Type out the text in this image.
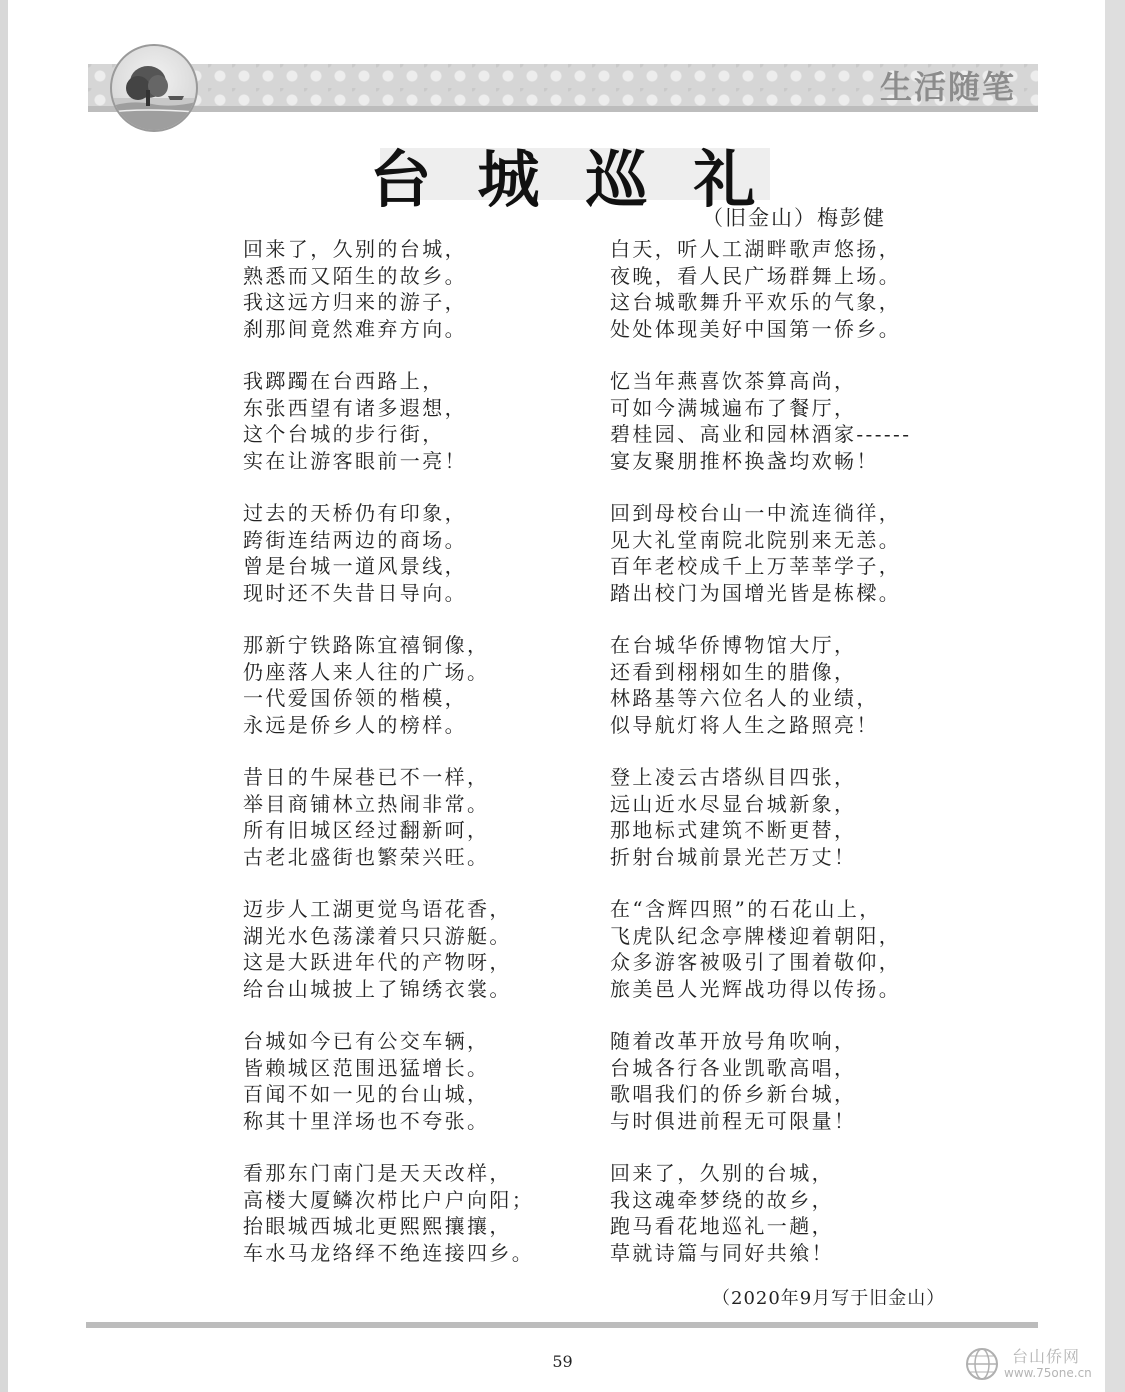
生活随笔
台城巡礼
（旧金山）梅彭健
回来了，久别的台城，
熟悉而又陌生的故乡。
我这远方归来的游子，
刹那间竟然难弃方向。
我踯躅在台西路上，
东张西望有诸多遐想，
这个台城的步行街，
实在让游客眼前一亮！
过去的天桥仍有印象，
跨街连结两边的商场。
曾是台城一道风景线，
现时还不失昔日导向。
那新宁铁路陈宜禧铜像，
仍座落人来人往的广场。
一代爱国侨领的楷模，
永远是侨乡人的榜样。
昔日的牛屎巷已不一样，
举目商铺林立热闹非常。
所有旧城区经过翻新呵，
古老北盛街也繁荣兴旺。
迈步人工湖更觉鸟语花香，
湖光水色荡漾着只只游艇。
这是大跃进年代的产物呀，
给台山城披上了锦绣衣裳。
台城如今已有公交车辆，
皆赖城区范围迅猛增长。
百闻不如一见的台山城，
称其十里洋场也不夸张。
看那东门南门是天天改样，
高楼大厦鳞次栉比户户向阳；
抬眼城西城北更熙熙攘攘，
车水马龙络绎不绝连接四乡。
白天，听人工湖畔歌声悠扬，
夜晚，看人民广场群舞上场。
这台城歌舞升平欢乐的气象，
处处体现美好中国第一侨乡。
忆当年燕喜饮茶算高尚，
可如今满城遍布了餐厅，
碧桂园、高业和园林酒家------
宴友聚朋推杯换盏均欢畅！
回到母校台山一中流连徜徉，
见大礼堂南院北院别来无恙。
百年老校成千上万莘莘学子，
踏出校门为国增光皆是栋樑。
在台城华侨博物馆大厅，
还看到栩栩如生的腊像，
林路基等六位名人的业绩，
似导航灯将人生之路照亮！
登上凌云古塔纵目四张，
远山近水尽显台城新象，
那地标式建筑不断更替，
折射台城前景光芒万丈！
在“含辉四照”的石花山上，
飞虎队纪念亭牌楼迎着朝阳，
众多游客被吸引了围着敬仰，
旅美邑人光辉战功得以传扬。
随着改革开放号角吹响，
台城各行各业凯歌高唱，
歌唱我们的侨乡新台城，
与时俱进前程无可限量！
回来了，久别的台城，
我这魂牵梦绕的故乡，
跑马看花地巡礼一趟，
草就诗篇与同好共飨！
（2020年9月写于旧金山）
59	台山侨网
www.75one.cn
